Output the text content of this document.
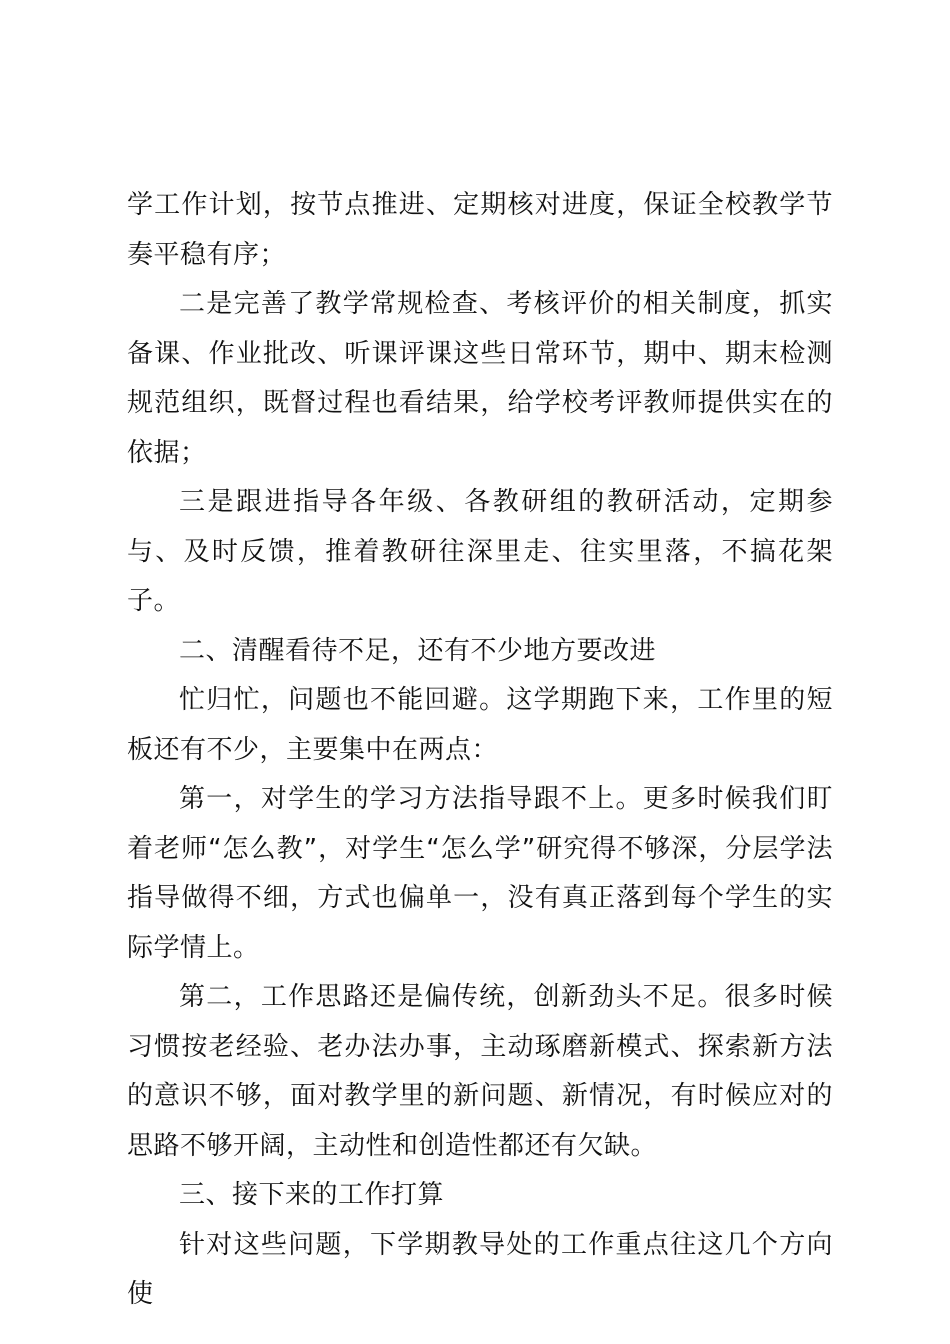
学工作计划，按节点推进、定期核对进度，保证全校教学节奏平稳有序；

二是完善了教学常规检查、考核评价的相关制度，抓实备课、作业批改、听课评课这些日常环节，期中、期末检测规范组织，既督过程也看结果，给学校考评教师提供实在的依据；

三是跟进指导各年级、各教研组的教研活动，定期参与、及时反馈，推着教研往深里走、往实里落，不搞花架子。

二、清醒看待不足，还有不少地方要改进

忙归忙，问题也不能回避。这学期跑下来，工作里的短板还有不少，主要集中在两点：

第一，对学生的学习方法指导跟不上。更多时候我们盯着老师“怎么教”，对学生“怎么学”研究得不够深，分层学法指导做得不细，方式也偏单一，没有真正落到每个学生的实际学情上。

第二，工作思路还是偏传统，创新劲头不足。很多时候习惯按老经验、老办法办事，主动琢磨新模式、探索新方法的意识不够，面对教学里的新问题、新情况，有时候应对的思路不够开阔，主动性和创造性都还有欠缺。

三、接下来的工作打算

针对这些问题，下学期教导处的工作重点往这几个方向使
